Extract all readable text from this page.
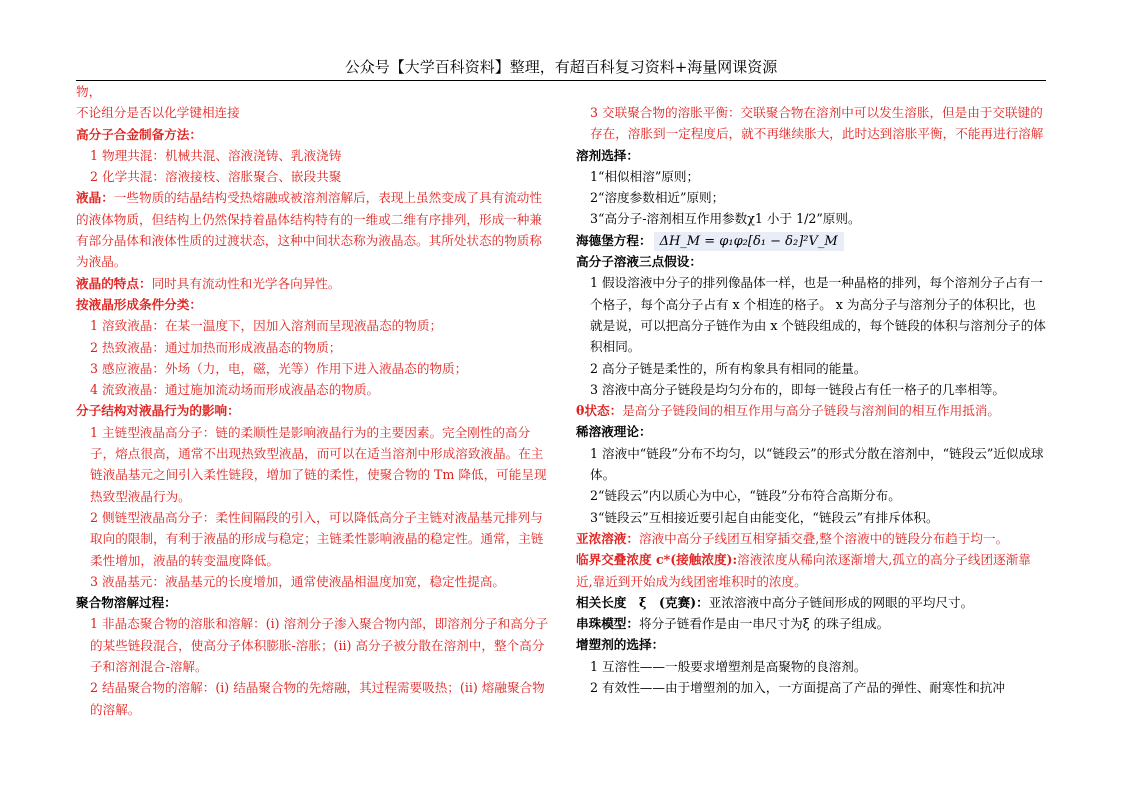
公众号【大学百科资料】整理，有超百科复习资料+海量网课资源

物，

不论组分是否以化学键相连接

高分子合金制备方法：

1 物理共混：机械共混、溶液浇铸、乳液浇铸

2 化学共混：溶液接枝、溶胀聚合、嵌段共聚

液晶：一些物质的结晶结构受热熔融或被溶剂溶解后，表现上虽然变成了具有流动性的液体物质，但结构上仍然保持着晶体结构特有的一维或二维有序排列，形成一种兼有部分晶体和液体性质的过渡状态，这种中间状态称为液晶态。其所处状态的物质称为液晶。

液晶的特点：同时具有流动性和光学各向异性。

按液晶形成条件分类：

1 溶致液晶：在某一温度下，因加入溶剂而呈现液晶态的物质；

2 热致液晶：通过加热而形成液晶态的物质；

3 感应液晶：外场（力，电，磁，光等）作用下进入液晶态的物质；

4 流致液晶：通过施加流动场而形成液晶态的物质。

分子结构对液晶行为的影响：

1 主链型液晶高分子：链的柔顺性是影响液晶行为的主要因素。完全刚性的高分子，熔点很高，通常不出现热致型液晶，而可以在适当溶剂中形成溶致液晶。在主链液晶基元之间引入柔性链段，增加了链的柔性，使聚合物的 Tm 降低，可能呈现热致型液晶行为。

2 侧链型液晶高分子：柔性间隔段的引入，可以降低高分子主链对液晶基元排列与取向的限制，有利于液晶的形成与稳定；主链柔性影响液晶的稳定性。通常，主链柔性增加，液晶的转变温度降低。

3 液晶基元：液晶基元的长度增加，通常使液晶相温度加宽，稳定性提高。

聚合物溶解过程：

1 非晶态聚合物的溶胀和溶解：(i) 溶剂分子渗入聚合物内部，即溶剂分子和高分子的某些链段混合，使高分子体积膨胀-溶胀；(ii) 高分子被分散在溶剂中，整个高分子和溶剂混合-溶解。

2 结晶聚合物的溶解：(i) 结晶聚合物的先熔融，其过程需要吸热；(ii) 熔融聚合物的溶解。

3 交联聚合物的溶胀平衡：交联聚合物在溶剂中可以发生溶胀，但是由于交联键的存在，溶胀到一定程度后，就不再继续胀大，此时达到溶胀平衡，不能再进行溶解

溶剂选择：

1“相似相溶”原则；

2“溶度参数相近”原则；

3“高分子-溶剂相互作用参数χ1 小于 1/2”原则。

海德堡方程： ΔH_M = φ₁φ₂[δ₁ − δ₂]²V_M

高分子溶液三点假设：

1 假设溶液中分子的排列像晶体一样，也是一种晶格的排列，每个溶剂分子占有一个格子，每个高分子占有 x 个相连的格子。 x 为高分子与溶剂分子的体积比，也就是说，可以把高分子链作为由 x 个链段组成的，每个链段的体积与溶剂分子的体积相同。

2 高分子链是柔性的，所有构象具有相同的能量。

3 溶液中高分子链段是均匀分布的，即每一链段占有任一格子的几率相等。

θ状态：是高分子链段间的相互作用与高分子链段与溶剂间的相互作用抵消。

稀溶液理论：

1 溶液中“链段”分布不均匀，以“链段云”的形式分散在溶剂中，“链段云”近似成球体。

2“链段云”内以质心为中心，“链段”分布符合高斯分布。

3“链段云”互相接近要引起自由能变化，“链段云”有排斥体积。

亚浓溶液：溶液中高分子线团互相穿插交叠,整个溶液中的链段分布趋于均一。

临界交叠浓度 c*(接触浓度):溶液浓度从稀向浓逐渐增大,孤立的高分子线团逐渐靠近,靠近到开始成为线团密堆积时的浓度。

相关长度　ξ　(克赛)：亚浓溶液中高分子链间形成的网眼的平均尺寸。

串珠模型：将分子链看作是由一串尺寸为ξ 的珠子组成。

增塑剂的选择：

1 互溶性——一般要求增塑剂是高聚物的良溶剂。

2 有效性——由于增塑剂的加入，一方面提高了产品的弹性、耐寒性和抗冲
